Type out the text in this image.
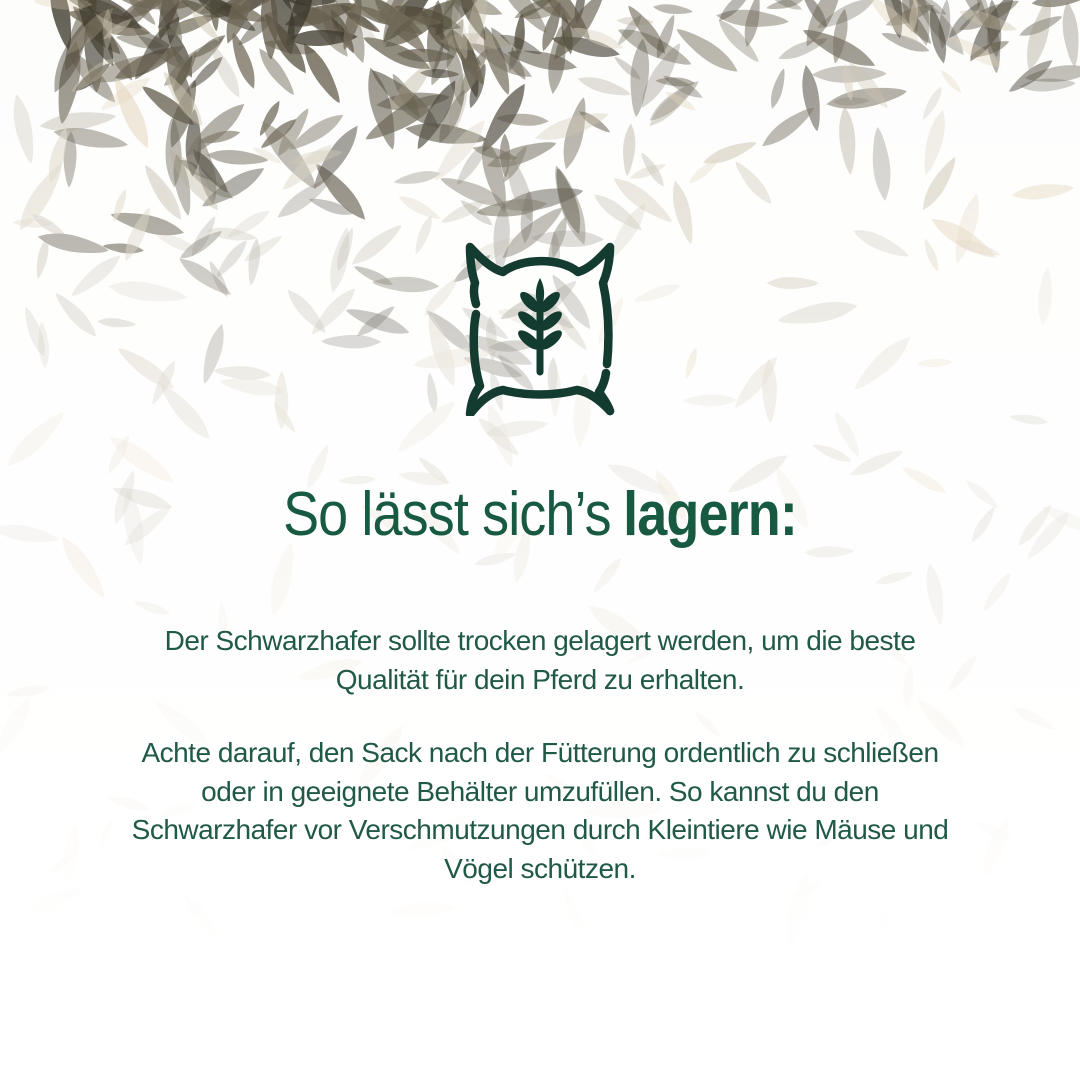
So lässt sich’s lagern:
Der Schwarzhafer sollte trocken gelagert werden, um die beste
Qualität für dein Pferd zu erhalten.
Achte darauf, den Sack nach der Fütterung ordentlich zu schließen
oder in geeignete Behälter umzufüllen. So kannst du den
Schwarzhafer vor Verschmutzungen durch Kleintiere wie Mäuse und
Vögel schützen.
